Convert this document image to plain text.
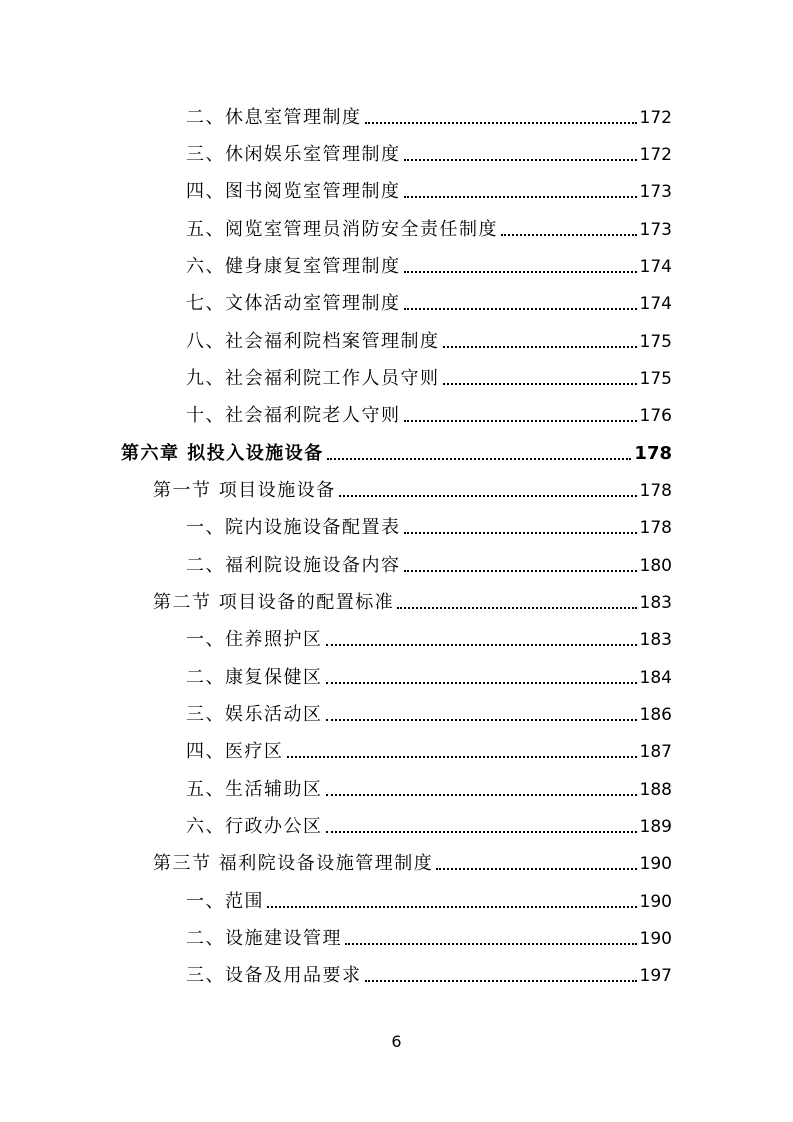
二、休息室管理制度	172
三、休闲娱乐室管理制度	172
四、图书阅览室管理制度	173
五、阅览室管理员消防安全责任制度	173
六、健身康复室管理制度	174
七、文体活动室管理制度	174
八、社会福利院档案管理制度	175
九、社会福利院工作人员守则	175
十、社会福利院老人守则	176
第六章 拟投入设施设备	178
第一节 项目设施设备	178
一、院内设施设备配置表	178
二、福利院设施设备内容	180
第二节 项目设备的配置标准	183
一、住养照护区	183
二、康复保健区	184
三、娱乐活动区	186
四、医疗区	187
五、生活辅助区	188
六、行政办公区	189
第三节 福利院设备设施管理制度	190
一、范围	190
二、设施建设管理	190
三、设备及用品要求	197
6
